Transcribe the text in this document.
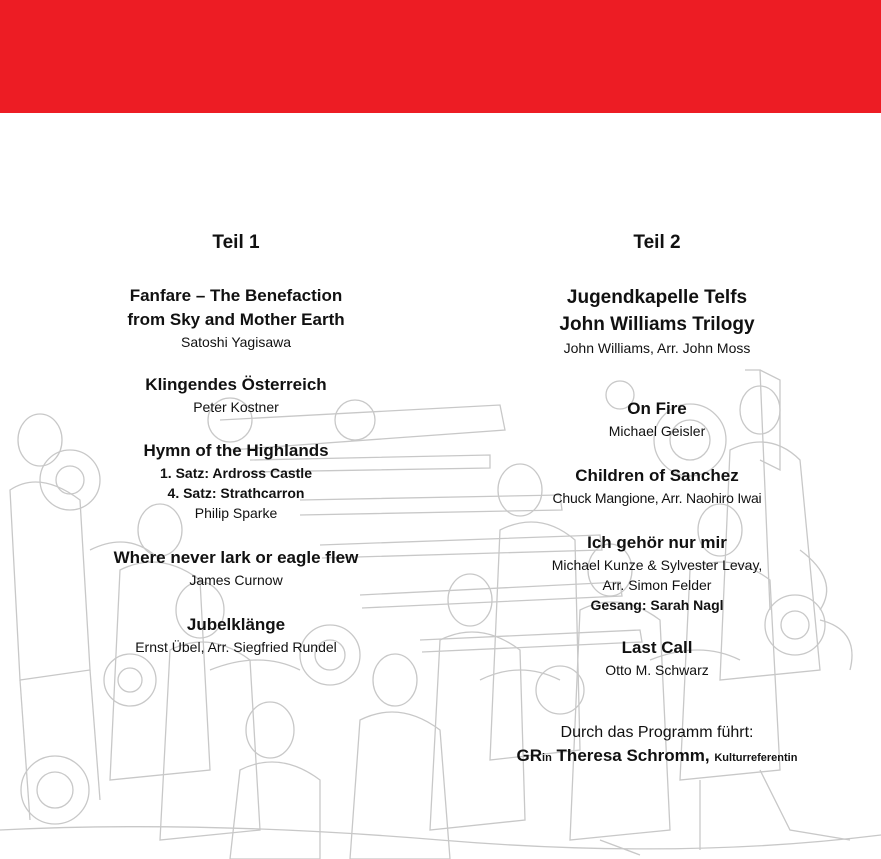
Teil 1
Fanfare – The Benefaction
from Sky and Mother Earth
Satoshi Yagisawa
Klingendes Österreich
Peter Kostner
Hymn of the Highlands
1. Satz: Ardross Castle
4. Satz: Strathcarron
Philip Sparke
Where never lark or eagle flew
James Curnow
Jubelklänge
Ernst Übel, Arr. Siegfried Rundel
Teil 2
Jugendkapelle Telfs
John Williams Trilogy
John Williams, Arr. John Moss
On Fire
Michael Geisler
Children of Sanchez
Chuck Mangione, Arr. Naohiro Iwai
Ich gehör nur mir
Michael Kunze & Sylvester Levay,
Arr. Simon Felder
Gesang: Sarah Nagl
Last Call
Otto M. Schwarz
Durch das Programm führt:
GRin Theresa Schromm, Kulturreferentin
